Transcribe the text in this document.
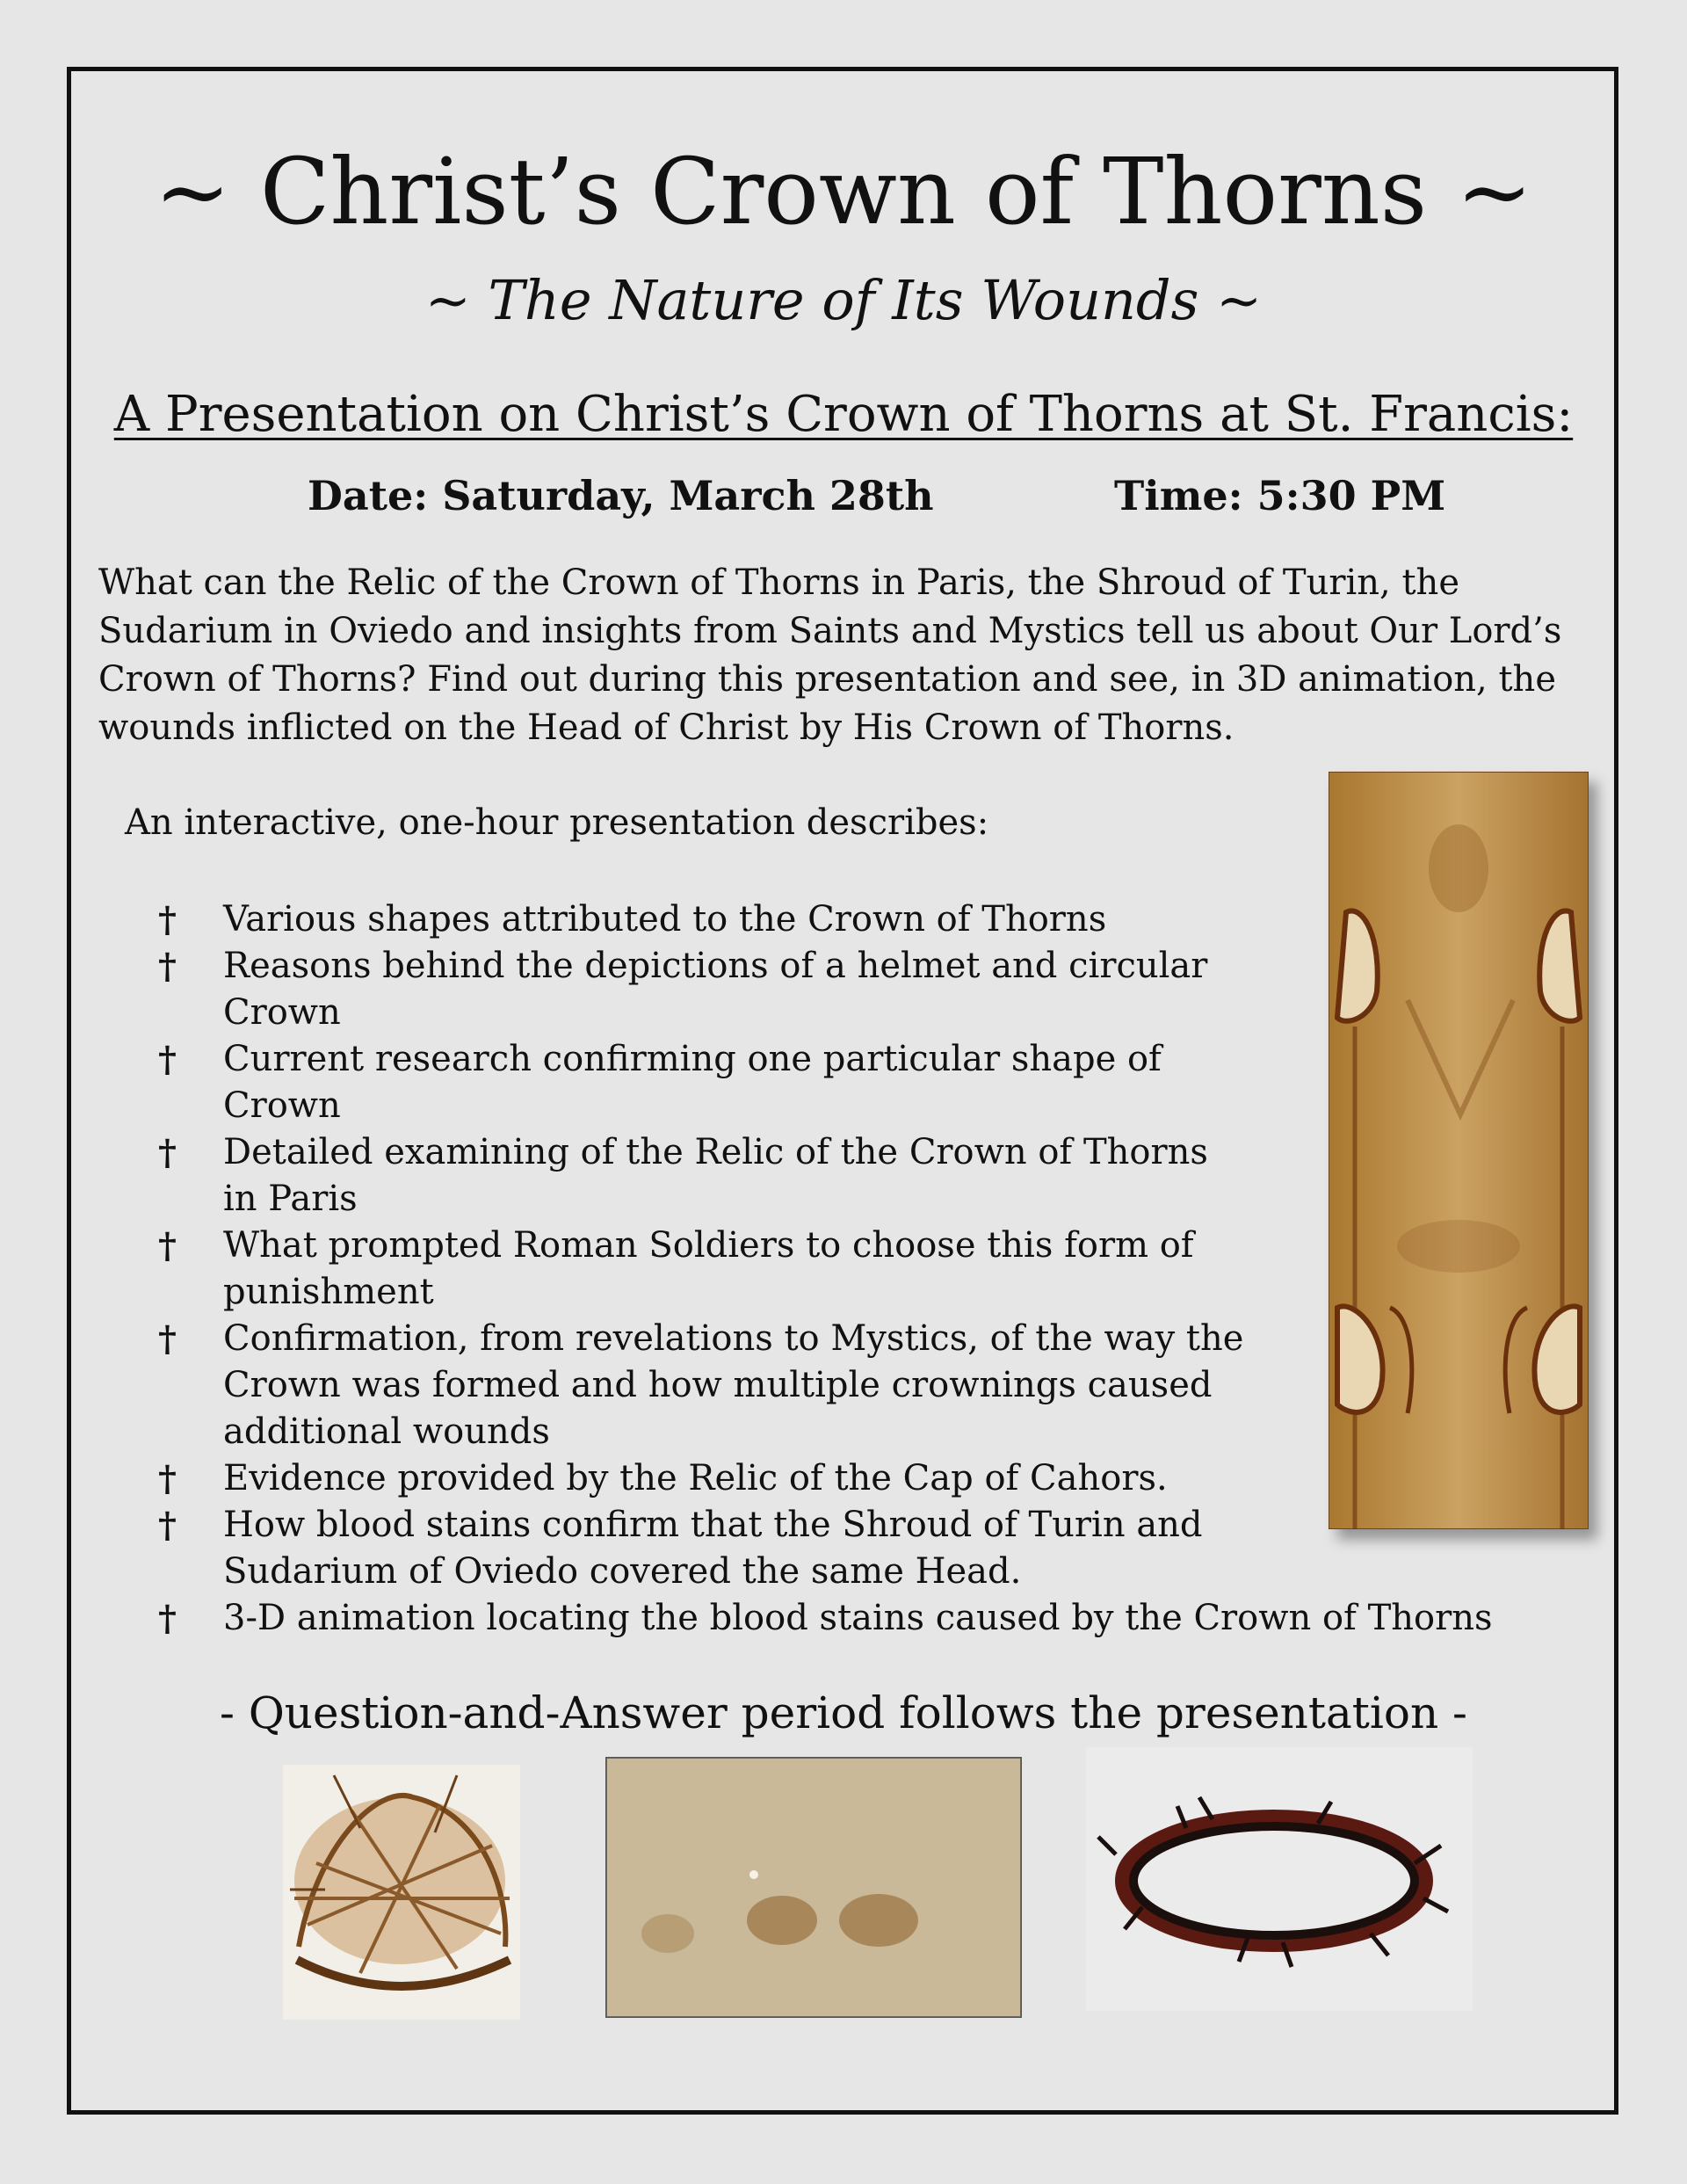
~ Christ’s Crown of Thorns ~
~ The Nature of Its Wounds ~
A Presentation on Christ’s Crown of Thorns at St. Francis:
Date: Saturday, March 28th	Time: 5:30 PM
What can the Relic of the Crown of Thorns in Paris, the Shroud of Turin, the Sudarium in Oviedo and insights from Saints and Mystics tell us about Our Lord’s Crown of Thorns? Find out during this presentation and see, in 3D animation, the wounds inflicted on the Head of Christ by His Crown of Thorns.
An interactive, one-hour presentation describes:
† Various shapes attributed to the Crown of Thorns
† Reasons behind the depictions of a helmet and circular
Crown
† Current research confirming one particular shape of
Crown
† Detailed examining of the Relic of the Crown of Thorns
in Paris
† What prompted Roman Soldiers to choose this form of
punishment
† Confirmation, from revelations to Mystics, of the way the
Crown was formed and how multiple crownings caused
additional wounds
† Evidence provided by the Relic of the Cap of Cahors.
† How blood stains confirm that the Shroud of Turin and
Sudarium of Oviedo covered the same Head.
† 3-D animation locating the blood stains caused by the Crown of Thorns
- Question-and-Answer period follows the presentation -
